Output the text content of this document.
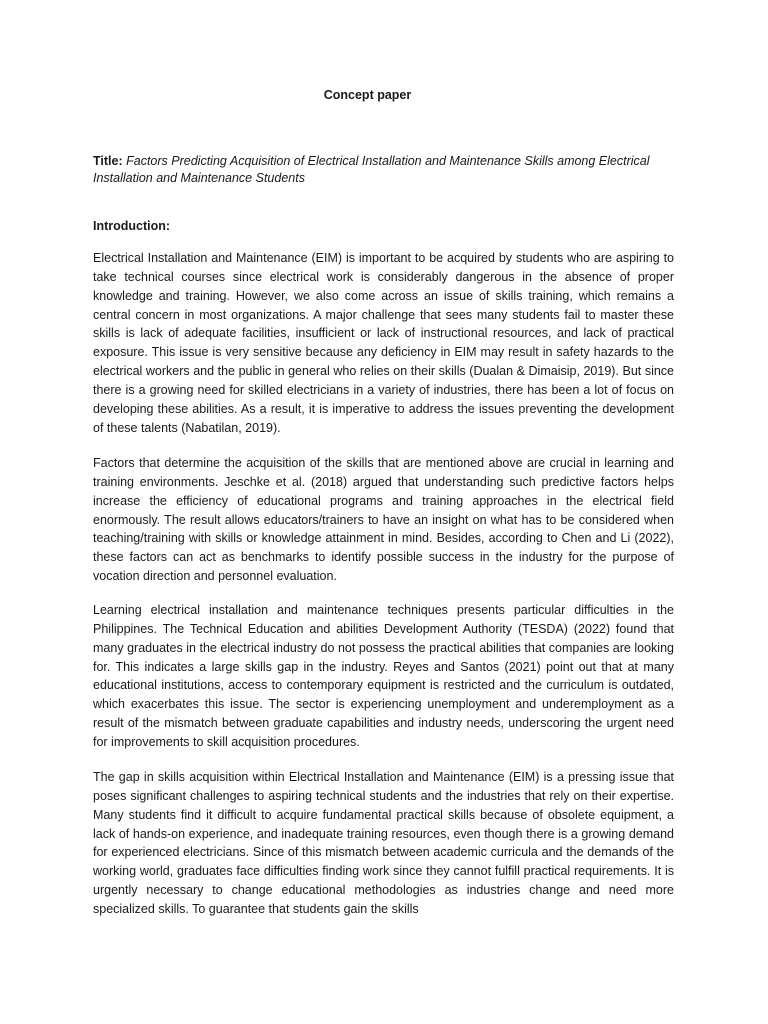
Concept paper
Title: Factors Predicting Acquisition of Electrical Installation and Maintenance Skills among Electrical Installation and Maintenance Students
Introduction:

Electrical Installation and Maintenance (EIM) is important to be acquired by students who are aspiring to take technical courses since electrical work is considerably dangerous in the absence of proper knowledge and training. However, we also come across an issue of skills training, which remains a central concern in most organizations. A major challenge that sees many students fail to master these skills is lack of adequate facilities, insufficient or lack of instructional resources, and lack of practical exposure. This issue is very sensitive because any deficiency in EIM may result in safety hazards to the electrical workers and the public in general who relies on their skills (Dualan & Dimaisip, 2019). But since there is a growing need for skilled electricians in a variety of industries, there has been a lot of focus on developing these abilities. As a result, it is imperative to address the issues preventing the development of these talents (Nabatilan, 2019).

Factors that determine the acquisition of the skills that are mentioned above are crucial in learning and training environments. Jeschke et al. (2018) argued that understanding such predictive factors helps increase the efficiency of educational programs and training approaches in the electrical field enormously. The result allows educators/trainers to have an insight on what has to be considered when teaching/training with skills or knowledge attainment in mind. Besides, according to Chen and Li (2022), these factors can act as benchmarks to identify possible success in the industry for the purpose of vocation direction and personnel evaluation.

Learning electrical installation and maintenance techniques presents particular difficulties in the Philippines. The Technical Education and abilities Development Authority (TESDA) (2022) found that many graduates in the electrical industry do not possess the practical abilities that companies are looking for. This indicates a large skills gap in the industry. Reyes and Santos (2021) point out that at many educational institutions, access to contemporary equipment is restricted and the curriculum is outdated, which exacerbates this issue. The sector is experiencing unemployment and underemployment as a result of the mismatch between graduate capabilities and industry needs, underscoring the urgent need for improvements to skill acquisition procedures.

The gap in skills acquisition within Electrical Installation and Maintenance (EIM) is a pressing issue that poses significant challenges to aspiring technical students and the industries that rely on their expertise. Many students find it difficult to acquire fundamental practical skills because of obsolete equipment, a lack of hands-on experience, and inadequate training resources, even though there is a growing demand for experienced electricians. Since of this mismatch between academic curricula and the demands of the working world, graduates face difficulties finding work since they cannot fulfill practical requirements. It is urgently necessary to change educational methodologies as industries change and need more specialized skills. To guarantee that students gain the skills
